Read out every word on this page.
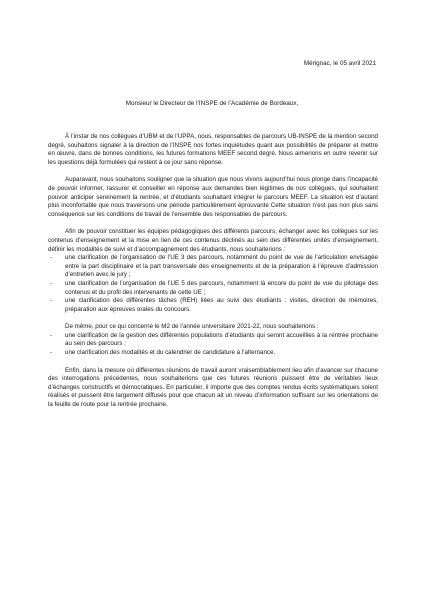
Mérignac, le 05 avril 2021
Monsieur le Directeur de l’INSPE de l’Académie de Bordeaux,

À l’instar de nos collègues d’UBM et de l’UPPA, nous, responsables de parcours UB-INSPE de la mention second degré, souhaitons signaler à la direction de l’INSPE nos fortes inquiétudes quant aux possibilités de préparer et mettre en œuvre, dans de bonnes conditions, les futures formations MEEF second degré. Nous aimerions en outre revenir sur les questions déjà formulées qui restent à ce jour sans réponse.

Auparavant, nous souhaitons souligner que la situation que nous vivons aujourd’hui nous plonge dans l’incapacité de pouvoir informer, rassurer et conseiller en réponse aux demandes bien légitimes de nos collègues, qui souhaitent pouvoir anticiper sereinement la rentrée, et d’étudiants souhaitant intégrer le parcours MEEF. La situation est d’autant plus inconfortable que nous traversons une période particulièrement éprouvante Cette situation n’est pas non plus sans conséquence sur les conditions de travail de l’ensemble des responsables de parcours.

Afin de pouvoir constituer les équipes pédagogiques des différents parcours, échanger avec les collègues sur les contenus d’enseignement et la mise en lien de ces contenus déclinés au sein des différentes unités d’enseignement, définir les modalités de suivi et d’accompagnement des étudiants, nous souhaiterions :

- une clarification de l’organisation de l’UE 3 des parcours, notamment du point de vue de l’articulation envisagée entre la part disciplinaire et la part transversale des enseignements et de la préparation à l’épreuve d’admission d’entretien avec le jury ;
- une clarification de l’organisation de l’UE 5 des parcours, notamment là encore du point de vue du pilotage des contenus et du profil des intervenants de cette UE ;
- une clarification des différentes tâches (REH) liées au suivi des étudiants : visites, direction de mémoires, préparation aux épreuves orales du concours.

De même, pour ce qui concerne le M2 de l’année universitaire 2021-22, nous souhaiterions :

- une clarification de la gestion des différentes populations d’étudiants qui seront accueillies à la rentrée prochaine au sein des parcours ;
- une clarification des modalités et du calendrier de candidature à l’alternance.

Enfin, dans la mesure où différentes réunions de travail auront vraisemblablement lieu afin d’avancer sur chacune des interrogations précédentes, nous souhaiterions que ces futures réunions puissent être de véritables lieux d’échanges constructifs et démocratiques. En particulier, il importe que des comptes rendus écrits systématiques soient réalisés et puissent être largement diffusés pour que chacun ait un niveau d’information suffisant sur les orientations de la feuille de route pour la rentrée prochaine.
